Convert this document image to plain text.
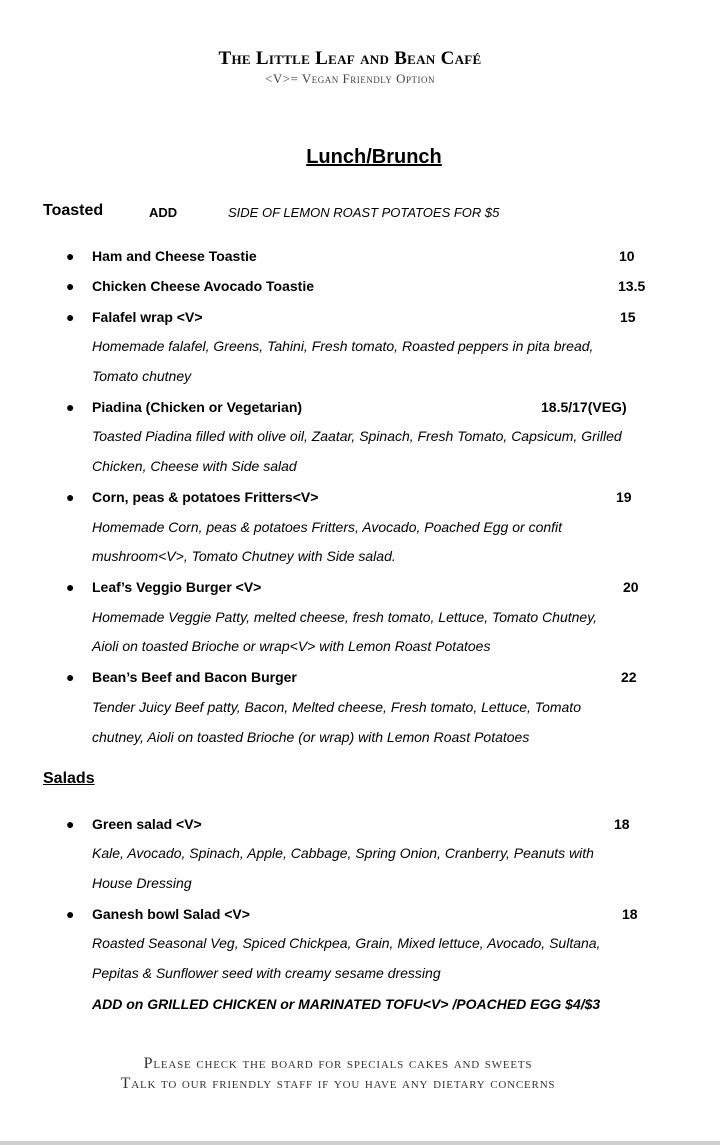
The Little Leaf and Bean Café
<V>= Vegan Friendly Option
Lunch/Brunch
Toasted	ADD	SIDE OF LEMON ROAST POTATOES FOR $5
● Ham and Cheese Toastie	10
● Chicken Cheese Avocado Toastie	13.5
● Falafel wrap <V>	15
Homemade falafel, Greens, Tahini, Fresh tomato, Roasted peppers in pita bread,
Tomato chutney
● Piadina (Chicken or Vegetarian)	18.5/17(VEG)
Toasted Piadina filled with olive oil, Zaatar, Spinach, Fresh Tomato, Capsicum, Grilled
Chicken, Cheese with Side salad
● Corn, peas & potatoes Fritters<V>	19
Homemade Corn, peas & potatoes Fritters, Avocado, Poached Egg or confit
mushroom<V>, Tomato Chutney with Side salad.
● Leaf’s Veggio Burger <V>	20
Homemade Veggie Patty, melted cheese, fresh tomato, Lettuce, Tomato Chutney,
Aioli on toasted Brioche or wrap<V> with Lemon Roast Potatoes
● Bean’s Beef and Bacon Burger	22
Tender Juicy Beef patty, Bacon, Melted cheese, Fresh tomato, Lettuce, Tomato
chutney, Aioli on toasted Brioche (or wrap) with Lemon Roast Potatoes
Salads
● Green salad <V>	18
Kale, Avocado, Spinach, Apple, Cabbage, Spring Onion, Cranberry, Peanuts with
House Dressing
● Ganesh bowl Salad <V>	18
Roasted Seasonal Veg, Spiced Chickpea, Grain, Mixed lettuce, Avocado, Sultana,
Pepitas & Sunflower seed with creamy sesame dressing
ADD on GRILLED CHICKEN or MARINATED TOFU<V> /POACHED EGG $4/$3
Please check the board for specials cakes and sweets
Talk to our friendly staff if you have any dietary concerns
